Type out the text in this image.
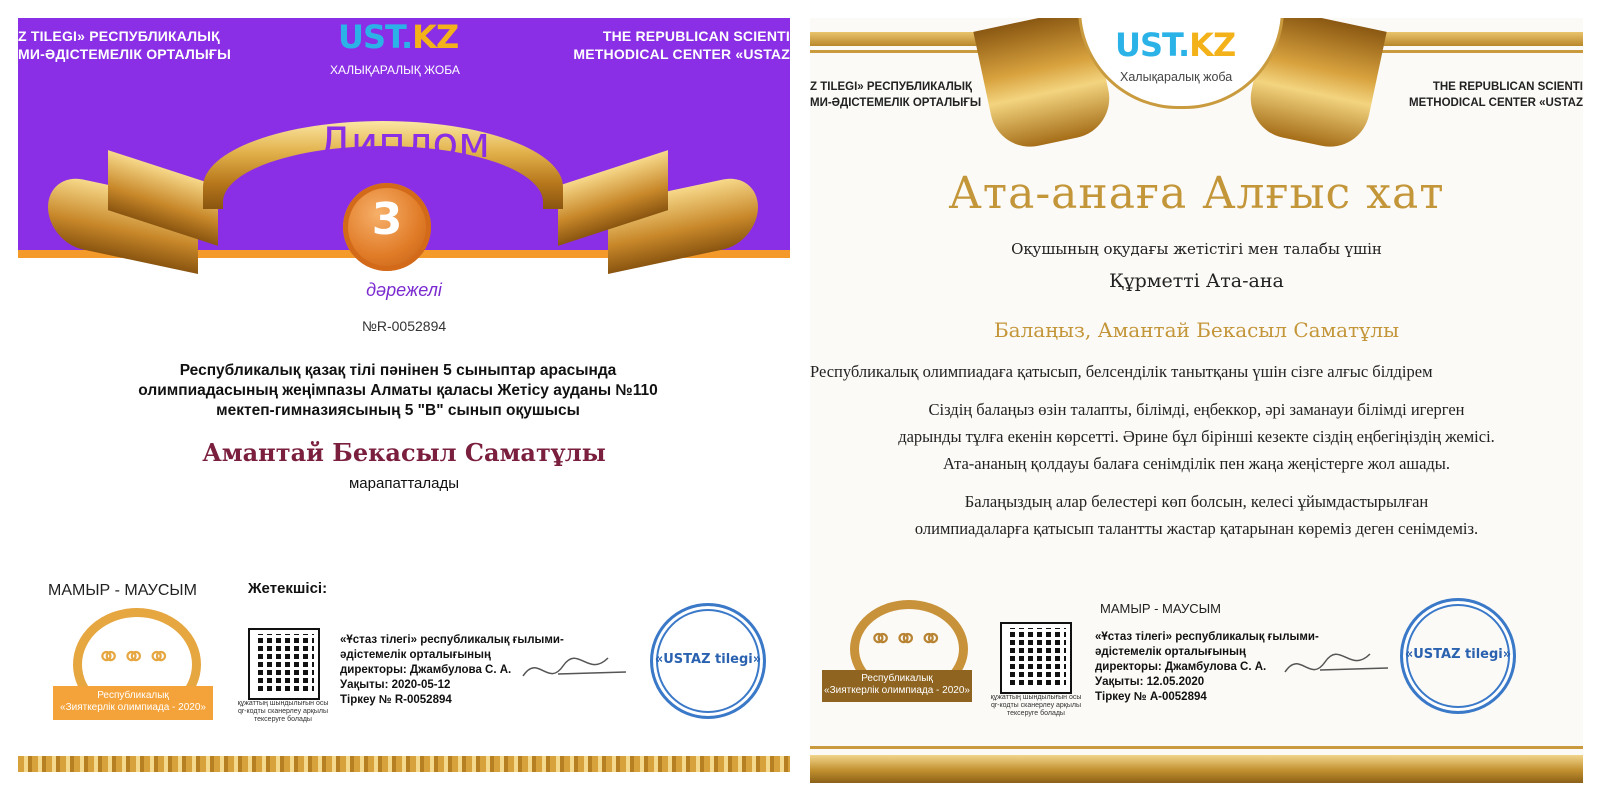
Z TILEGI» РЕСПУБЛИКАЛЫҚ
МИ-ӘДІСТЕМЕЛІК ОРТАЛЫҒЫ
THE REPUBLICAN SCIENTI
METHODICAL CENTER «USTAZ
UST.KZ
ХАЛЫҚАРАЛЫҚ ЖОБА
Диплом
3
дәрежелі
№R-0052894
Республикалық қазақ тілі пәнінен 5 сыныптар арасында олимпиадасының жеңімпазы Алматы қаласы Жетісу ауданы №110 мектеп-гимназиясының 5 "В" сынып оқушысы
Амантай Бекасыл Саматұлы
марапатталады
МАМЫР - МАУСЫМ	Жетекшісі:
⚭⚭⚭
Республикалық
«Зияткерлік олимпиада - 2020»	құжаттың шындылығын осы qr-кодты сканерлеу арқылы тексеруге болады
«Ұстаз тілегі» республикалық ғылыми-
әдістемелік орталығының
директоры: Джамбулова С. А.
Уақыты: 2020-05-12
Тіркеу № R-0052894
«USTAZ tilegi»
UST.KZ
Халықаралық жоба
Z TILEGI» РЕСПУБЛИКАЛЫҚ
МИ-ӘДІСТЕМЕЛІК ОРТАЛЫҒЫ
THE REPUBLICAN SCIENTI
METHODICAL CENTER «USTAZ
Ата-анаға Алғыс хат
Оқушының оқудағы жетістігі мен талабы үшін
Құрметті Ата-ана
Балаңыз, Амантай Бекасыл Саматұлы
Республикалық олимпиадаға қатысып, белсенділік танытқаны үшін сізге алғыс білдірем
Сіздің балаңыз өзін талапты, білімді, еңбеккор, әрі заманауи білімді игерген
дарынды тұлға екенін көрсетті. Әрине бұл бірінші кезекте сіздің еңбегіңіздің жемісі.
Ата-ананың қолдауы балаға сенімділік пен жаңа жеңістерге жол ашады.
Балаңыздың алар белестері көп болсын, келесі ұйымдастырылған
олимпиадаларға қатысып талантты жастар қатарынан көреміз деген сенімдеміз.
МАМЫР - МАУСЫМ
⚭⚭⚭
Республикалық
«Зияткерлік олимпиада - 2020»
құжаттың шындылығын осы qr-кодты сканерлеу арқылы тексеруге болады
«Ұстаз тілегі» республикалық ғылыми-
әдістемелік орталығының
директоры: Джамбулова С. А.
Уақыты: 12.05.2020
Тіркеу № А-0052894
«USTAZ tilegi»
